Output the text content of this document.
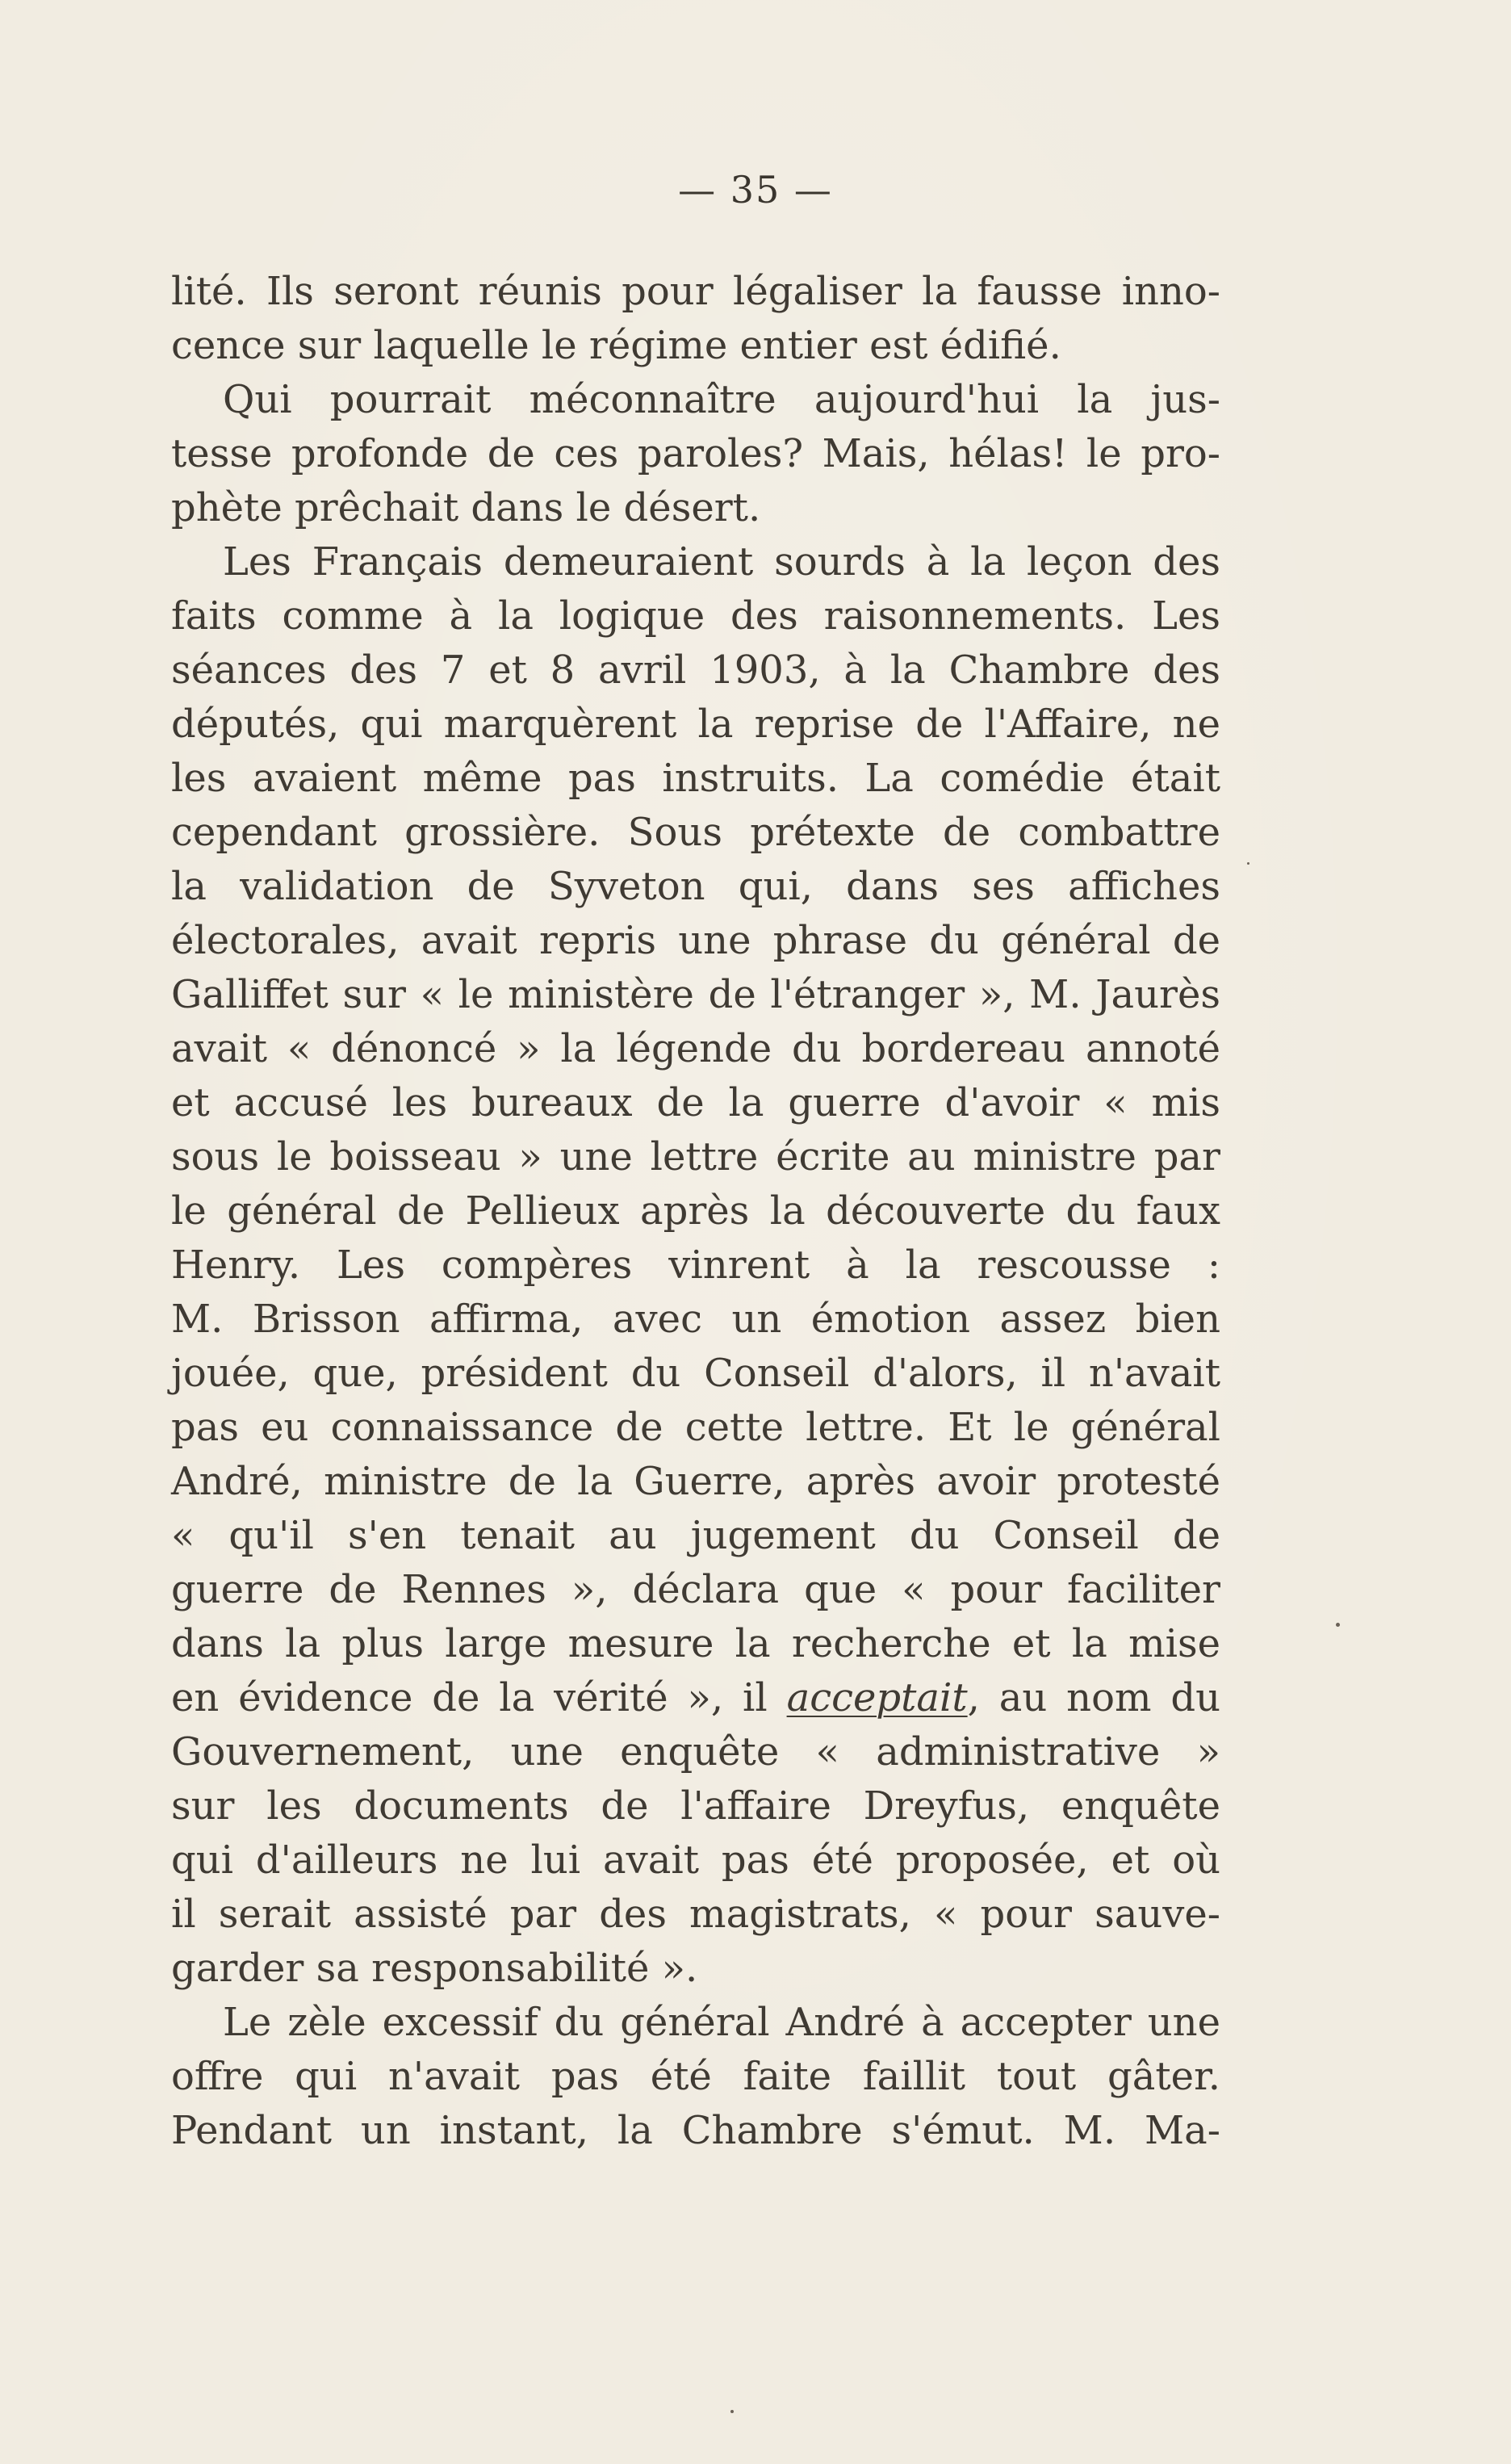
— 35 —
lité. Ils seront réunis pour légaliser la fausse inno-
cence sur laquelle le régime entier est édifié.
Qui pourrait méconnaître aujourd'hui la jus-
tesse profonde de ces paroles? Mais, hélas! le pro-
phète prêchait dans le désert.
Les Français demeuraient sourds à la leçon des
faits comme à la logique des raisonnements. Les
séances des 7 et 8 avril 1903, à la Chambre des
députés, qui marquèrent la reprise de l'Affaire, ne
les avaient même pas instruits. La comédie était
cependant grossière. Sous prétexte de combattre
la validation de Syveton qui, dans ses affiches
électorales, avait repris une phrase du général de
Galliffet sur « le ministère de l'étranger », M. Jaurès
avait « dénoncé » la légende du bordereau annoté
et accusé les bureaux de la guerre d'avoir « mis
sous le boisseau » une lettre écrite au ministre par
le général de Pellieux après la découverte du faux
Henry. Les compères vinrent à la rescousse :
M. Brisson affirma, avec un émotion assez bien
jouée, que, président du Conseil d'alors, il n'avait
pas eu connaissance de cette lettre. Et le général
André, ministre de la Guerre, après avoir protesté
« qu'il s'en tenait au jugement du Conseil de
guerre de Rennes », déclara que « pour faciliter
dans la plus large mesure la recherche et la mise
en évidence de la vérité », il acceptait, au nom du
Gouvernement, une enquête « administrative »
sur les documents de l'affaire Dreyfus, enquête
qui d'ailleurs ne lui avait pas été proposée, et où
il serait assisté par des magistrats, « pour sauve-
garder sa responsabilité ».
Le zèle excessif du général André à accepter une
offre qui n'avait pas été faite faillit tout gâter.
Pendant un instant, la Chambre s'émut. M. Ma-
